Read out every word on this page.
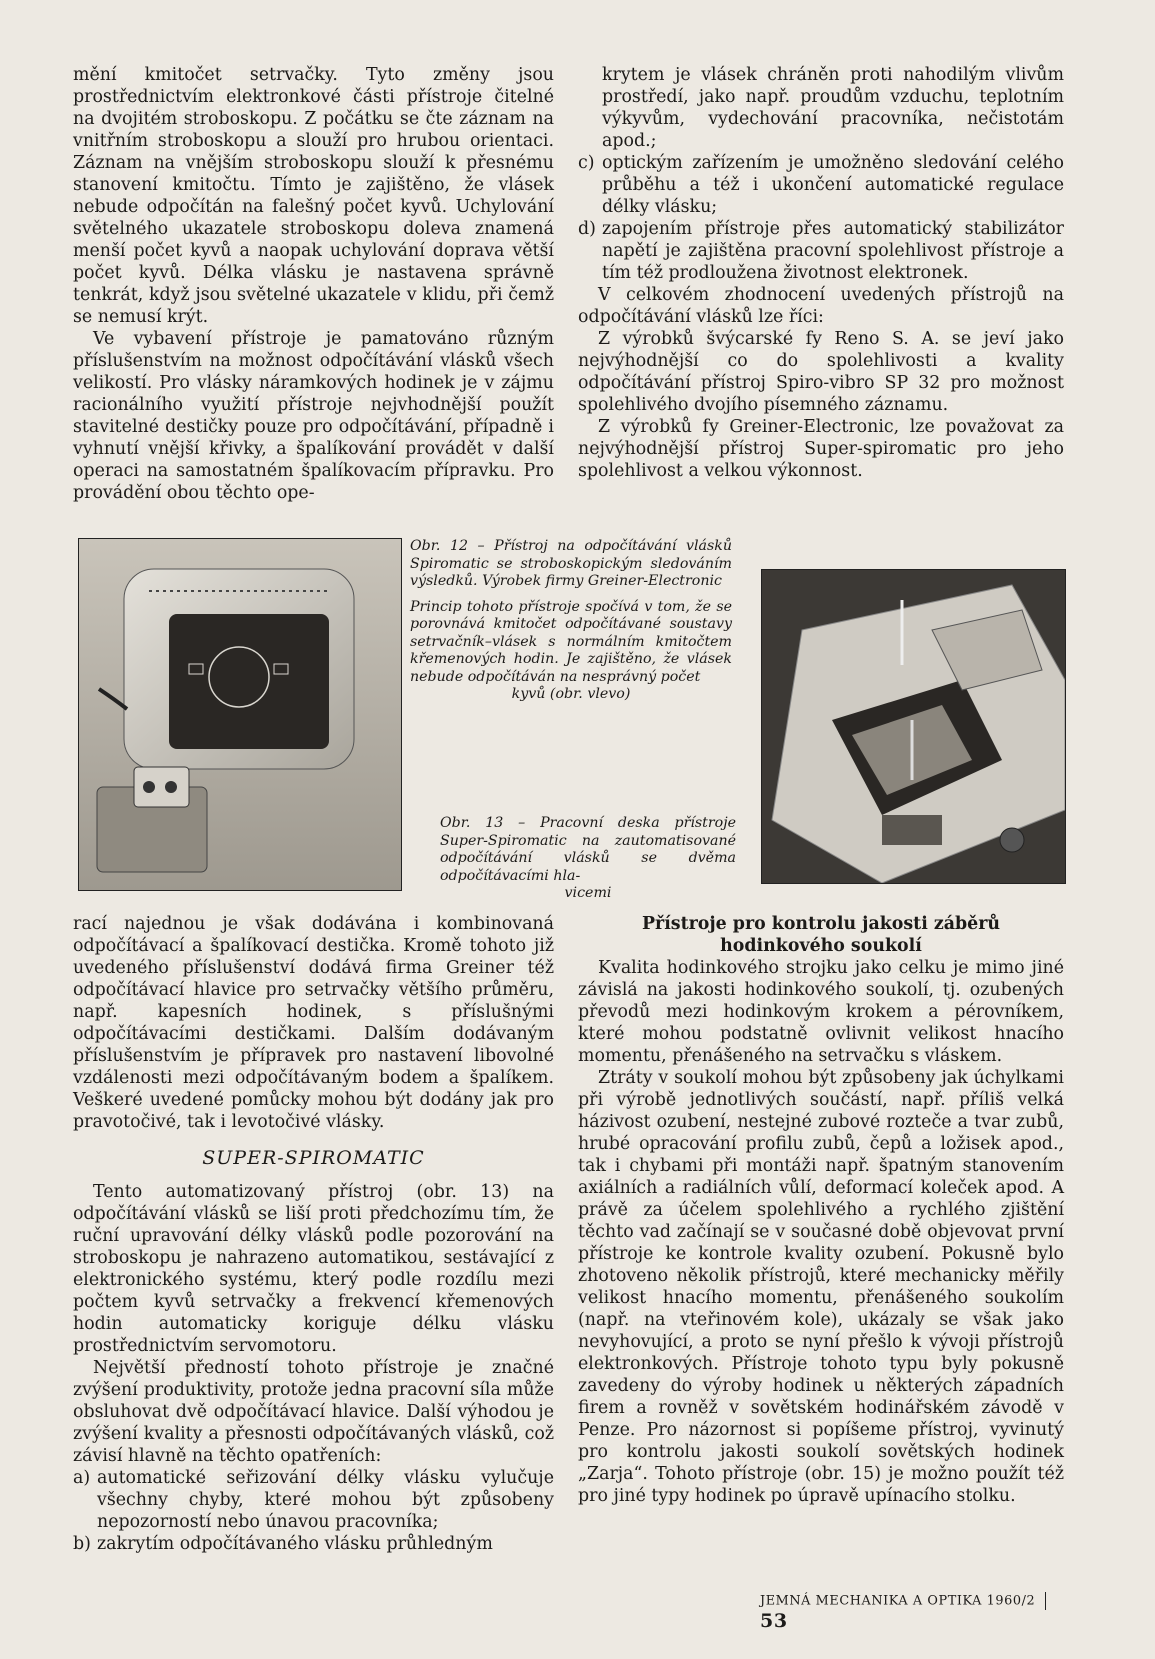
mění kmitočet setrvačky. Tyto změny jsou prostřednictvím elektronkové části přístroje čitelné na dvojitém stroboskopu. Z počátku se čte záznam na vnitřním stroboskopu a slouží pro hrubou orientaci. Záznam na vnějším stroboskopu slouží k přesnému stanovení kmitočtu. Tímto je zajištěno, že vlásek nebude odpočítán na falešný počet kyvů. Uchylování světelného ukazatele stroboskopu doleva znamená menší počet kyvů a naopak uchylování doprava větší počet kyvů. Délka vlásku je nastavena správně tenkrát, když jsou světelné ukazatele v klidu, při čemž se nemusí krýt.

Ve vybavení přístroje je pamatováno různým příslušenstvím na možnost odpočítávání vlásků všech velikostí. Pro vlásky náramkových hodinek je v zájmu racionálního využití přístroje nejvhodnější použít stavitelné destičky pouze pro odpočítávání, případně i vyhnutí vnější křivky, a špalíkování provádět v další operaci na samostatném špalíkovacím přípravku. Pro provádění obou těchto ope-

krytem je vlásek chráněn proti nahodilým vlivům prostředí, jako např. proudům vzduchu, teplotním výkyvům, vydechování pracovníka, nečistotám apod.;
c) optickým zařízením je umožněno sledování celého průběhu a též i ukončení automatické regulace délky vlásku;
d) zapojením přístroje přes automatický stabilizátor napětí je zajištěna pracovní spolehlivost přístroje a tím též prodloužena životnost elektronek.

V celkovém zhodnocení uvedených přístrojů na odpočítávání vlásků lze říci:

Z výrobků švýcarské fy Reno S. A. se jeví jako nejvýhodnější co do spolehlivosti a kvality odpočítávání přístroj Spiro-vibro SP 32 pro možnost spolehlivého dvojího písemného záznamu.

Z výrobků fy Greiner-Electronic, lze považovat za nejvýhodnější přístroj Super-spiromatic pro jeho spolehlivost a velkou výkonnost.

Obr. 12 – Přístroj na odpočítávání vlásků Spiromatic se stroboskopickým sledováním výsledků. Výrobek firmy Greiner-Electronic

Princip tohoto přístroje spočívá v tom, že se porovnává kmitočet odpočítávané soustavy setrvačník–vlásek s normálním kmitočtem křemenových hodin. Je zajištěno, že vlásek nebude odpočítáván na nesprávný počet

kyvů (obr. vlevo)

Obr. 13 – Pracovní deska přístroje Super-Spiromatic na zautomatisované odpočítávání vlásků se dvěma odpočítávacími hla-
vicemi

rací najednou je však dodávána i kombinovaná odpočítávací a špalíkovací destička. Kromě tohoto již uvedeného příslušenství dodává firma Greiner též odpočítávací hlavice pro setrvačky většího průměru, např. kapesních hodinek, s příslušnými odpočítávacími destičkami. Dalším dodávaným příslušenstvím je přípravek pro nastavení libovolné vzdálenosti mezi odpočítávaným bodem a špalíkem. Veškeré uvedené pomůcky mohou být dodány jak pro pravotočivé, tak i levotočivé vlásky.

SUPER-SPIROMATIC

Tento automatizovaný přístroj (obr. 13) na odpočítávání vlásků se liší proti předchozímu tím, že ruční upravování délky vlásků podle pozorování na stroboskopu je nahrazeno automatikou, sestávající z elektronického systému, který podle rozdílu mezi počtem kyvů setrvačky a frekvencí křemenových hodin automaticky koriguje délku vlásku prostřednictvím servomotoru.

Největší předností tohoto přístroje je značné zvýšení produktivity, protože jedna pracovní síla může obsluhovat dvě odpočítávací hlavice. Další výhodou je zvýšení kvality a přesnosti odpočítávaných vlásků, což závisí hlavně na těchto opatřeních:

a) automatické seřizování délky vlásku vylučuje všechny chyby, které mohou být způsobeny nepozorností nebo únavou pracovníka;
b) zakrytím odpočítávaného vlásku průhledným

Přístroje pro kontrolu jakosti záběrů hodinkového soukolí

Kvalita hodinkového strojku jako celku je mimo jiné závislá na jakosti hodinkového soukolí, tj. ozubených převodů mezi hodinkovým krokem a pérovníkem, které mohou podstatně ovlivnit velikost hnacího momentu, přenášeného na setrvačku s vláskem.

Ztráty v soukolí mohou být způsobeny jak úchylkami při výrobě jednotlivých součástí, např. příliš velká házivost ozubení, nestejné zubové rozteče a tvar zubů, hrubé opracování profilu zubů, čepů a ložisek apod., tak i chybami při montáži např. špatným stanovením axiálních a radiálních vůlí, deformací koleček apod. A právě za účelem spolehlivého a rychlého zjištění těchto vad začínají se v současné době objevovat první přístroje ke kontrole kvality ozubení. Pokusně bylo zhotoveno několik přístrojů, které mechanicky měřily velikost hnacího momentu, přenášeného soukolím (např. na vteřinovém kole), ukázaly se však jako nevyhovující, a proto se nyní přešlo k vývoji přístrojů elektronkových. Přístroje tohoto typu byly pokusně zavedeny do výroby hodinek u některých západních firem a rovněž v sovětském hodinářském závodě v Penze. Pro názornost si popíšeme přístroj, vyvinutý pro kontrolu jakosti soukolí sovětských hodinek „Zarja“. Tohoto přístroje (obr. 15) je možno použít též pro jiné typy hodinek po úpravě upínacího stolku.

JEMNÁ MECHANIKA A OPTIKA 1960/253
